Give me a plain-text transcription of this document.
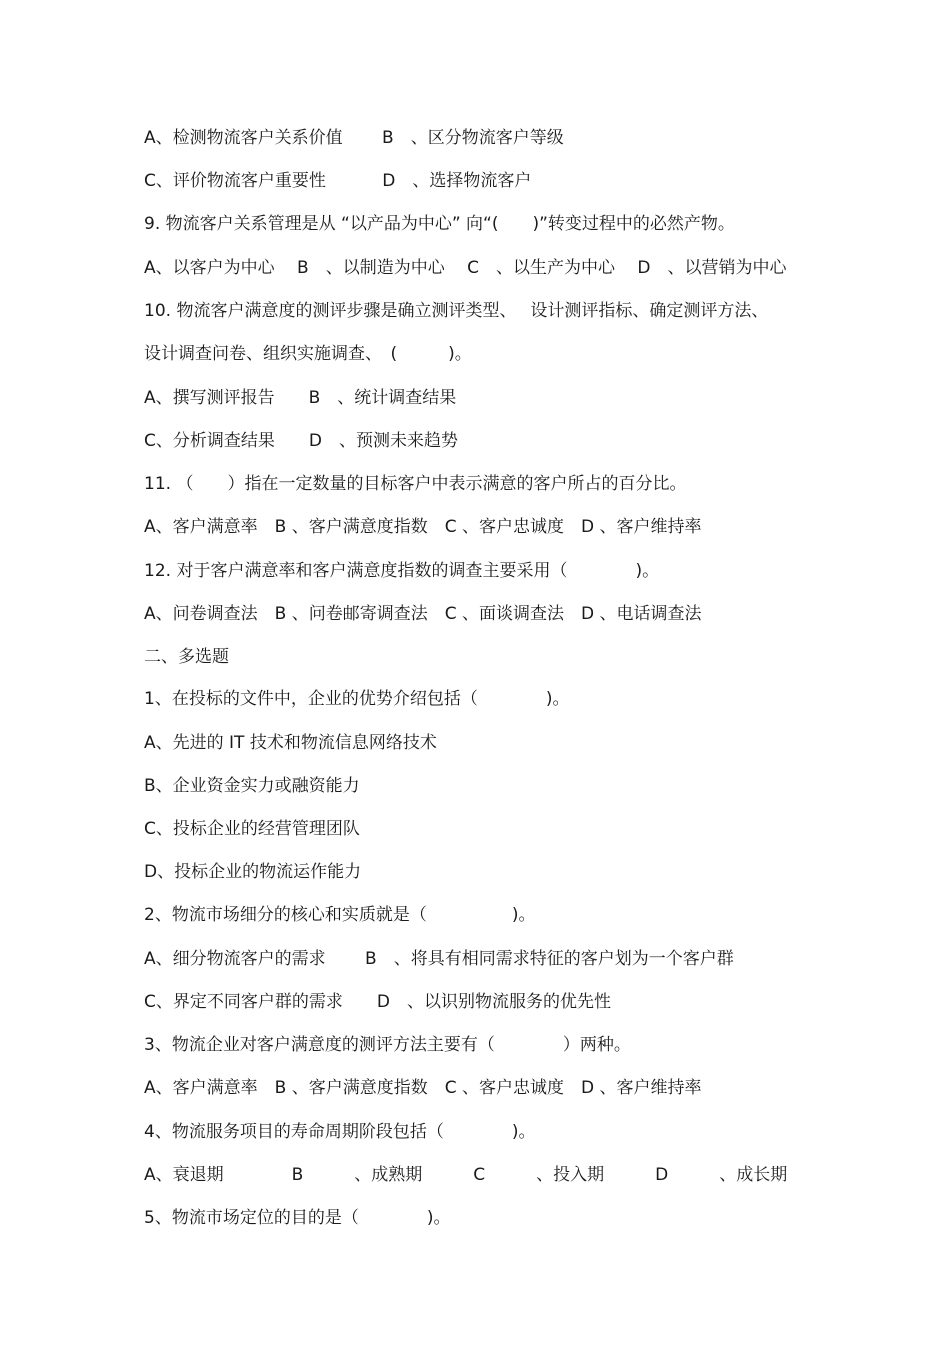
A、检测物流客户关系价值　　 B　、区分物流客户等级
C、评价物流客户重要性　　　 D　、选择物流客户
9. 物流客户关系管理是从 “以产品为中心” 向“(　　)”转变过程中的必然产物。
A、以客户为中心　 B　、以制造为中心　 C　、以生产为中心　 D　、以营销为中心
10. 物流客户满意度的测评步骤是确立测评类型、　 设计测评指标、确定测评方法、
设计调查问卷、组织实施调查、　(　　　)。
A、撰写测评报告　　B　、统计调查结果
C、分析调查结果　　D　、预测未来趋势
11. （　　）指在一定数量的目标客户中表示满意的客户所占的百分比。
A、客户满意率　B 、客户满意度指数　C 、客户忠诚度　D 、客户维持率
12. 对于客户满意率和客户满意度指数的调查主要采用（　　　　)。
A、问卷调查法　B 、问卷邮寄调查法　C 、面谈调查法　D 、电话调查法
二、多选题
1、在投标的文件中，企业的优势介绍包括（　　　　)。
A、先进的 IT 技术和物流信息网络技术
B、企业资金实力或融资能力
C、投标企业的经营管理团队
D、投标企业的物流运作能力
2、物流市场细分的核心和实质就是（　　　　　)。
A、细分物流客户的需求　　 B　、将具有相同需求特征的客户划为一个客户群
C、界定不同客户群的需求　　D　、以识别物流服务的优先性
3、物流企业对客户满意度的测评方法主要有（　　　　）两种。
A、客户满意率　B 、客户满意度指数　C 、客户忠诚度　D 、客户维持率
4、物流服务项目的寿命周期阶段包括（　　　　)。
A、衰退期　　　　B　　　、成熟期　　　C　　　、投入期　　　D　　　、成长期
5、物流市场定位的目的是（　　　　)。
